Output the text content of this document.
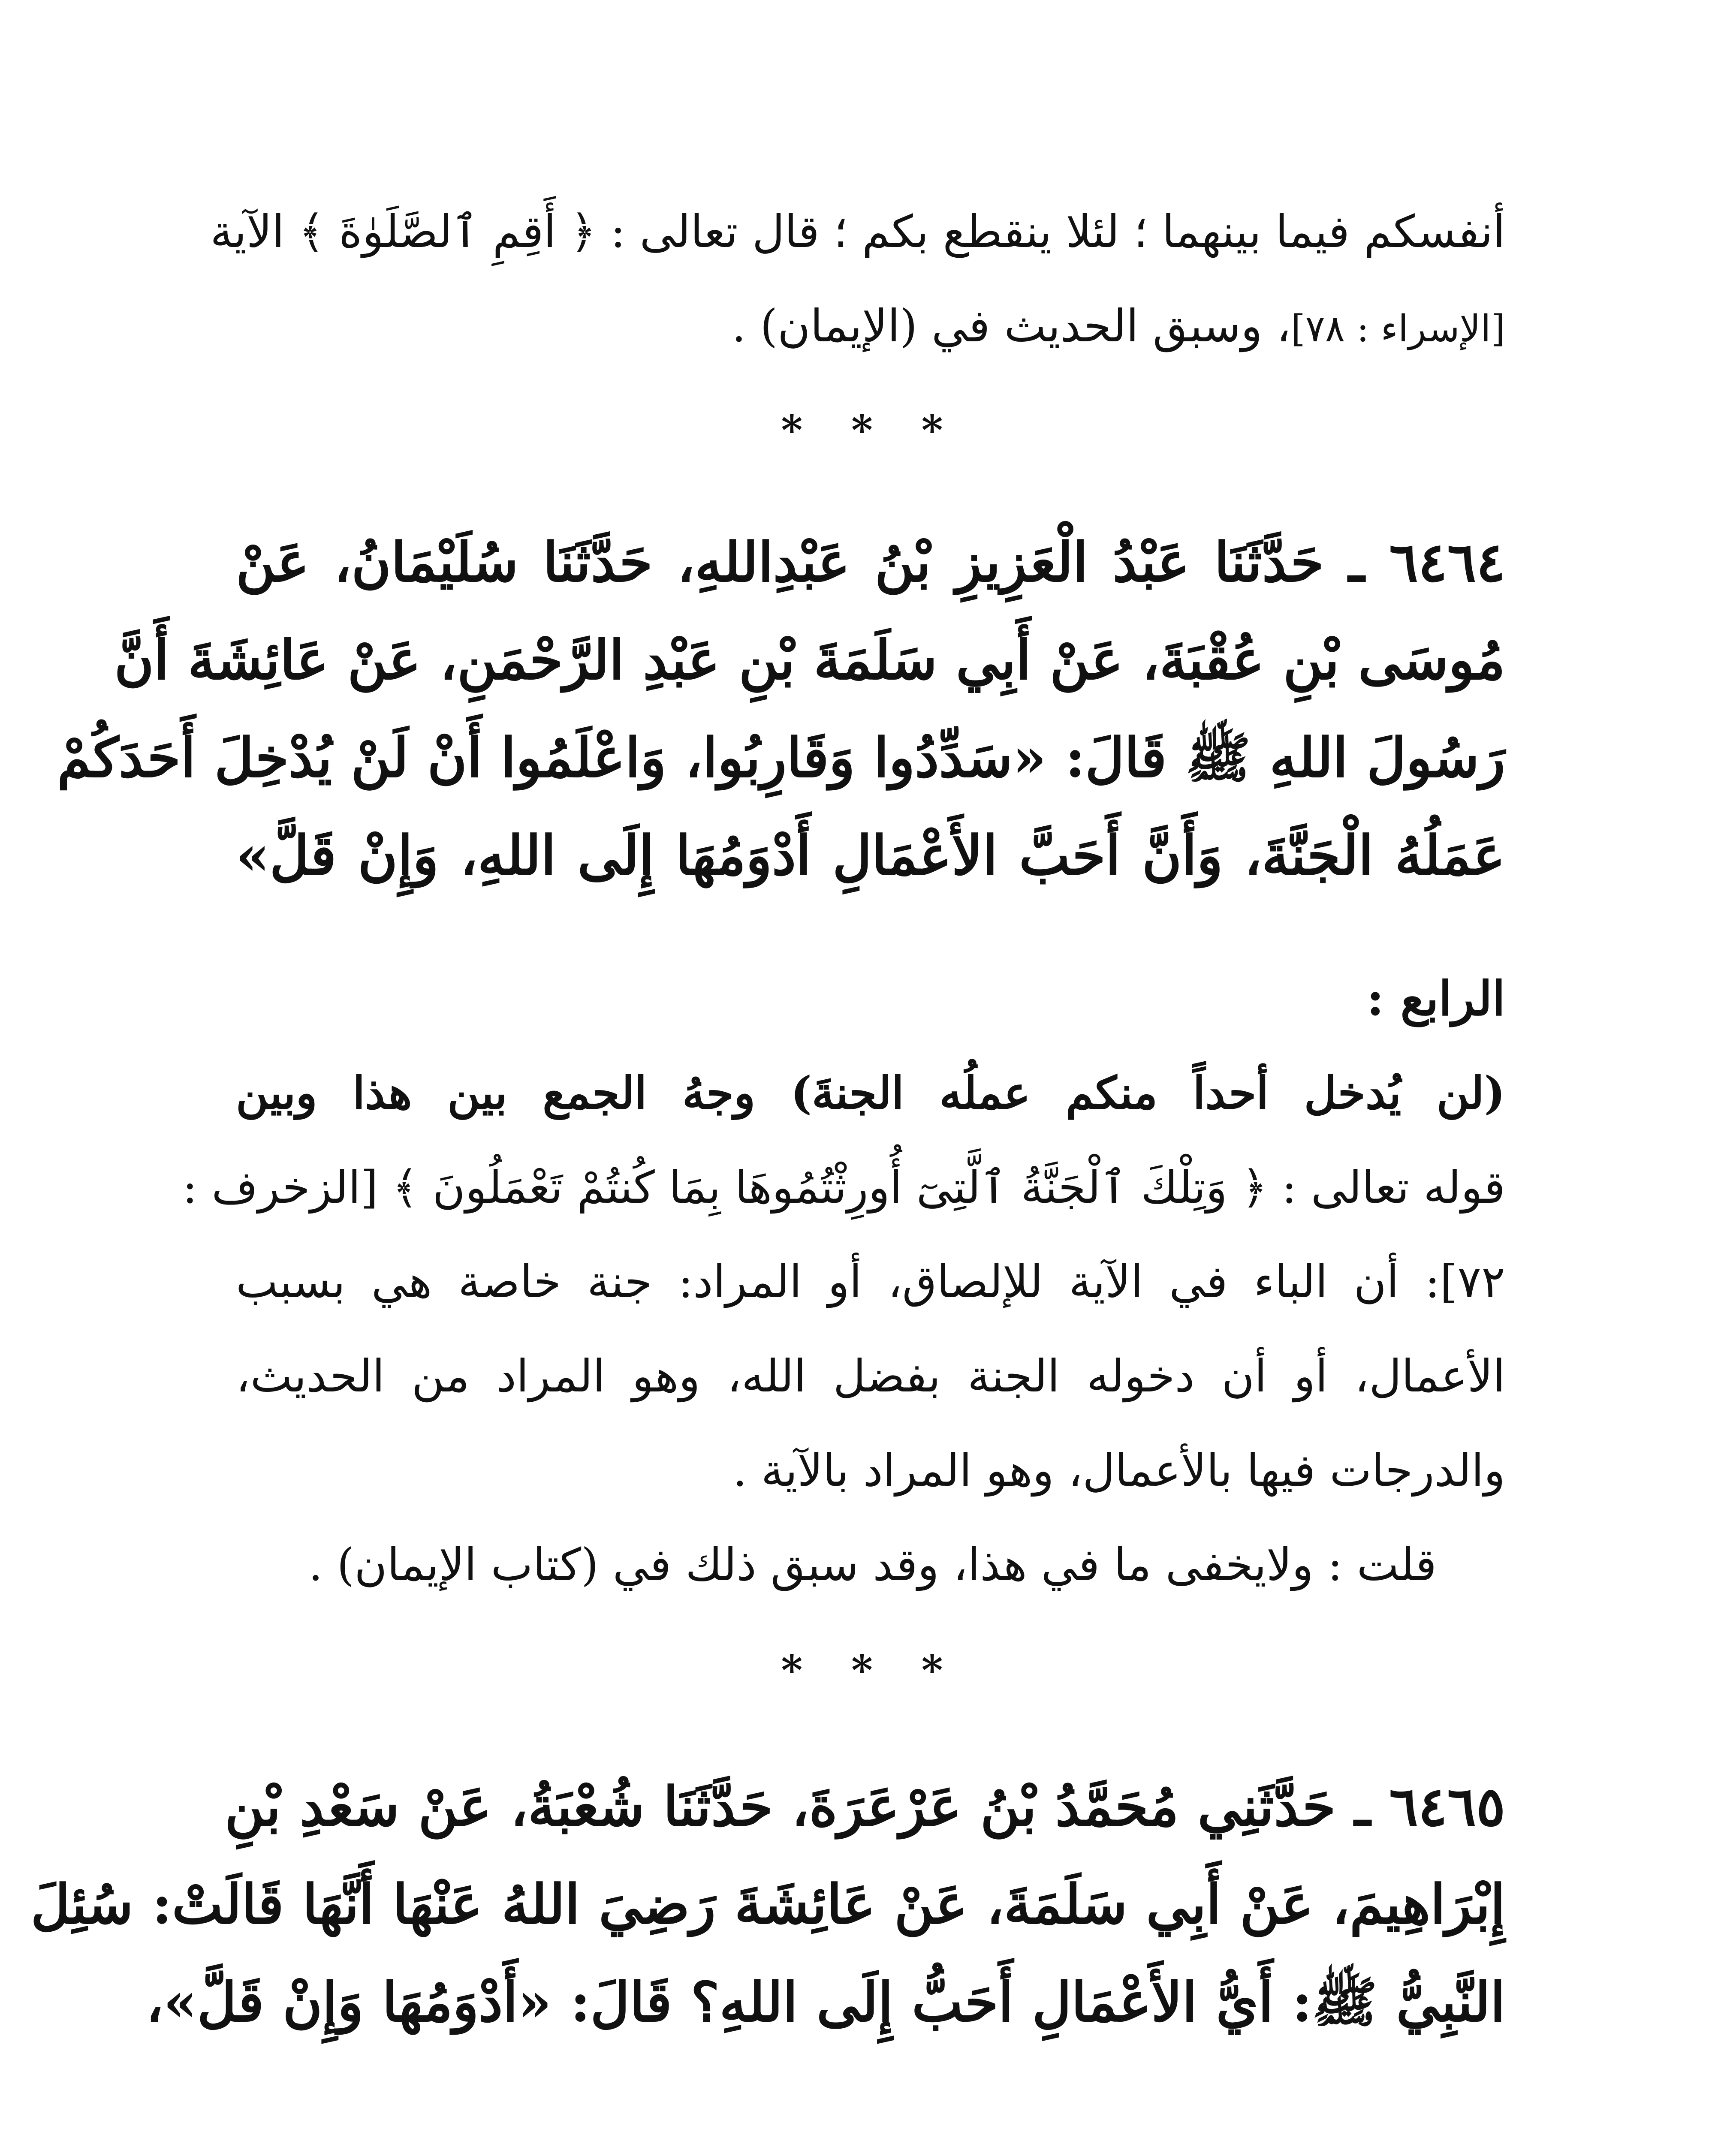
أنفسكم فيما بينهما ؛ لئلا ينقطع بكم ؛ قال تعالى : ﴿ أَقِمِ ٱلصَّلَوٰةَ ﴾ الآية
[الإسراء : ٧٨]، وسبق الحديث في (الإيمان) .
* * *
٦٤٦٤ ـ حَدَّثَنَا عَبْدُ الْعَزِيزِ بْنُ عَبْدِاللهِ، حَدَّثَنَا سُلَيْمَانُ، عَنْ
مُوسَى بْنِ عُقْبَةَ، عَنْ أَبِي سَلَمَةَ بْنِ عَبْدِ الرَّحْمَنِ، عَنْ عَائِشَةَ أَنَّ
رَسُولَ اللهِ ﷺ قَالَ: «سَدِّدُوا وَقَارِبُوا، وَاعْلَمُوا أَنْ لَنْ يُدْخِلَ أَحَدَكُمْ
عَمَلُهُ الْجَنَّةَ، وَأَنَّ أَحَبَّ الأَعْمَالِ أَدْوَمُهَا إِلَى اللهِ، وَإِنْ قَلَّ»
الرابع :
(لن يُدخل أحداً منكم عملُه الجنةَ) وجهُ الجمع بين هذا وبين
قوله تعالى : ﴿ وَتِلْكَ ٱلْجَنَّةُ ٱلَّتِىٓ أُورِثْتُمُوهَا بِمَا كُنتُمْ تَعْمَلُونَ ﴾ [الزخرف :
٧٢]: أن الباء في الآية للإلصاق، أو المراد: جنة خاصة هي بسبب
الأعمال، أو أن دخوله الجنة بفضل الله، وهو المراد من الحديث،
والدرجات فيها بالأعمال، وهو المراد بالآية .
قلت : ولايخفى ما في هذا، وقد سبق ذلك في (كتاب الإيمان) .
* * *
٦٤٦٥ ـ حَدَّثَنِي مُحَمَّدُ بْنُ عَرْعَرَةَ، حَدَّثَنَا شُعْبَةُ، عَنْ سَعْدِ بْنِ
إِبْرَاهِيمَ، عَنْ أَبِي سَلَمَةَ، عَنْ عَائِشَةَ رَضِيَ اللهُ عَنْهَا أَنَّهَا قَالَتْ: سُئِلَ
النَّبِيُّ ﷺ: أَيُّ الأَعْمَالِ أَحَبُّ إِلَى اللهِ؟ قَالَ: «أَدْوَمُهَا وَإِنْ قَلَّ»،
